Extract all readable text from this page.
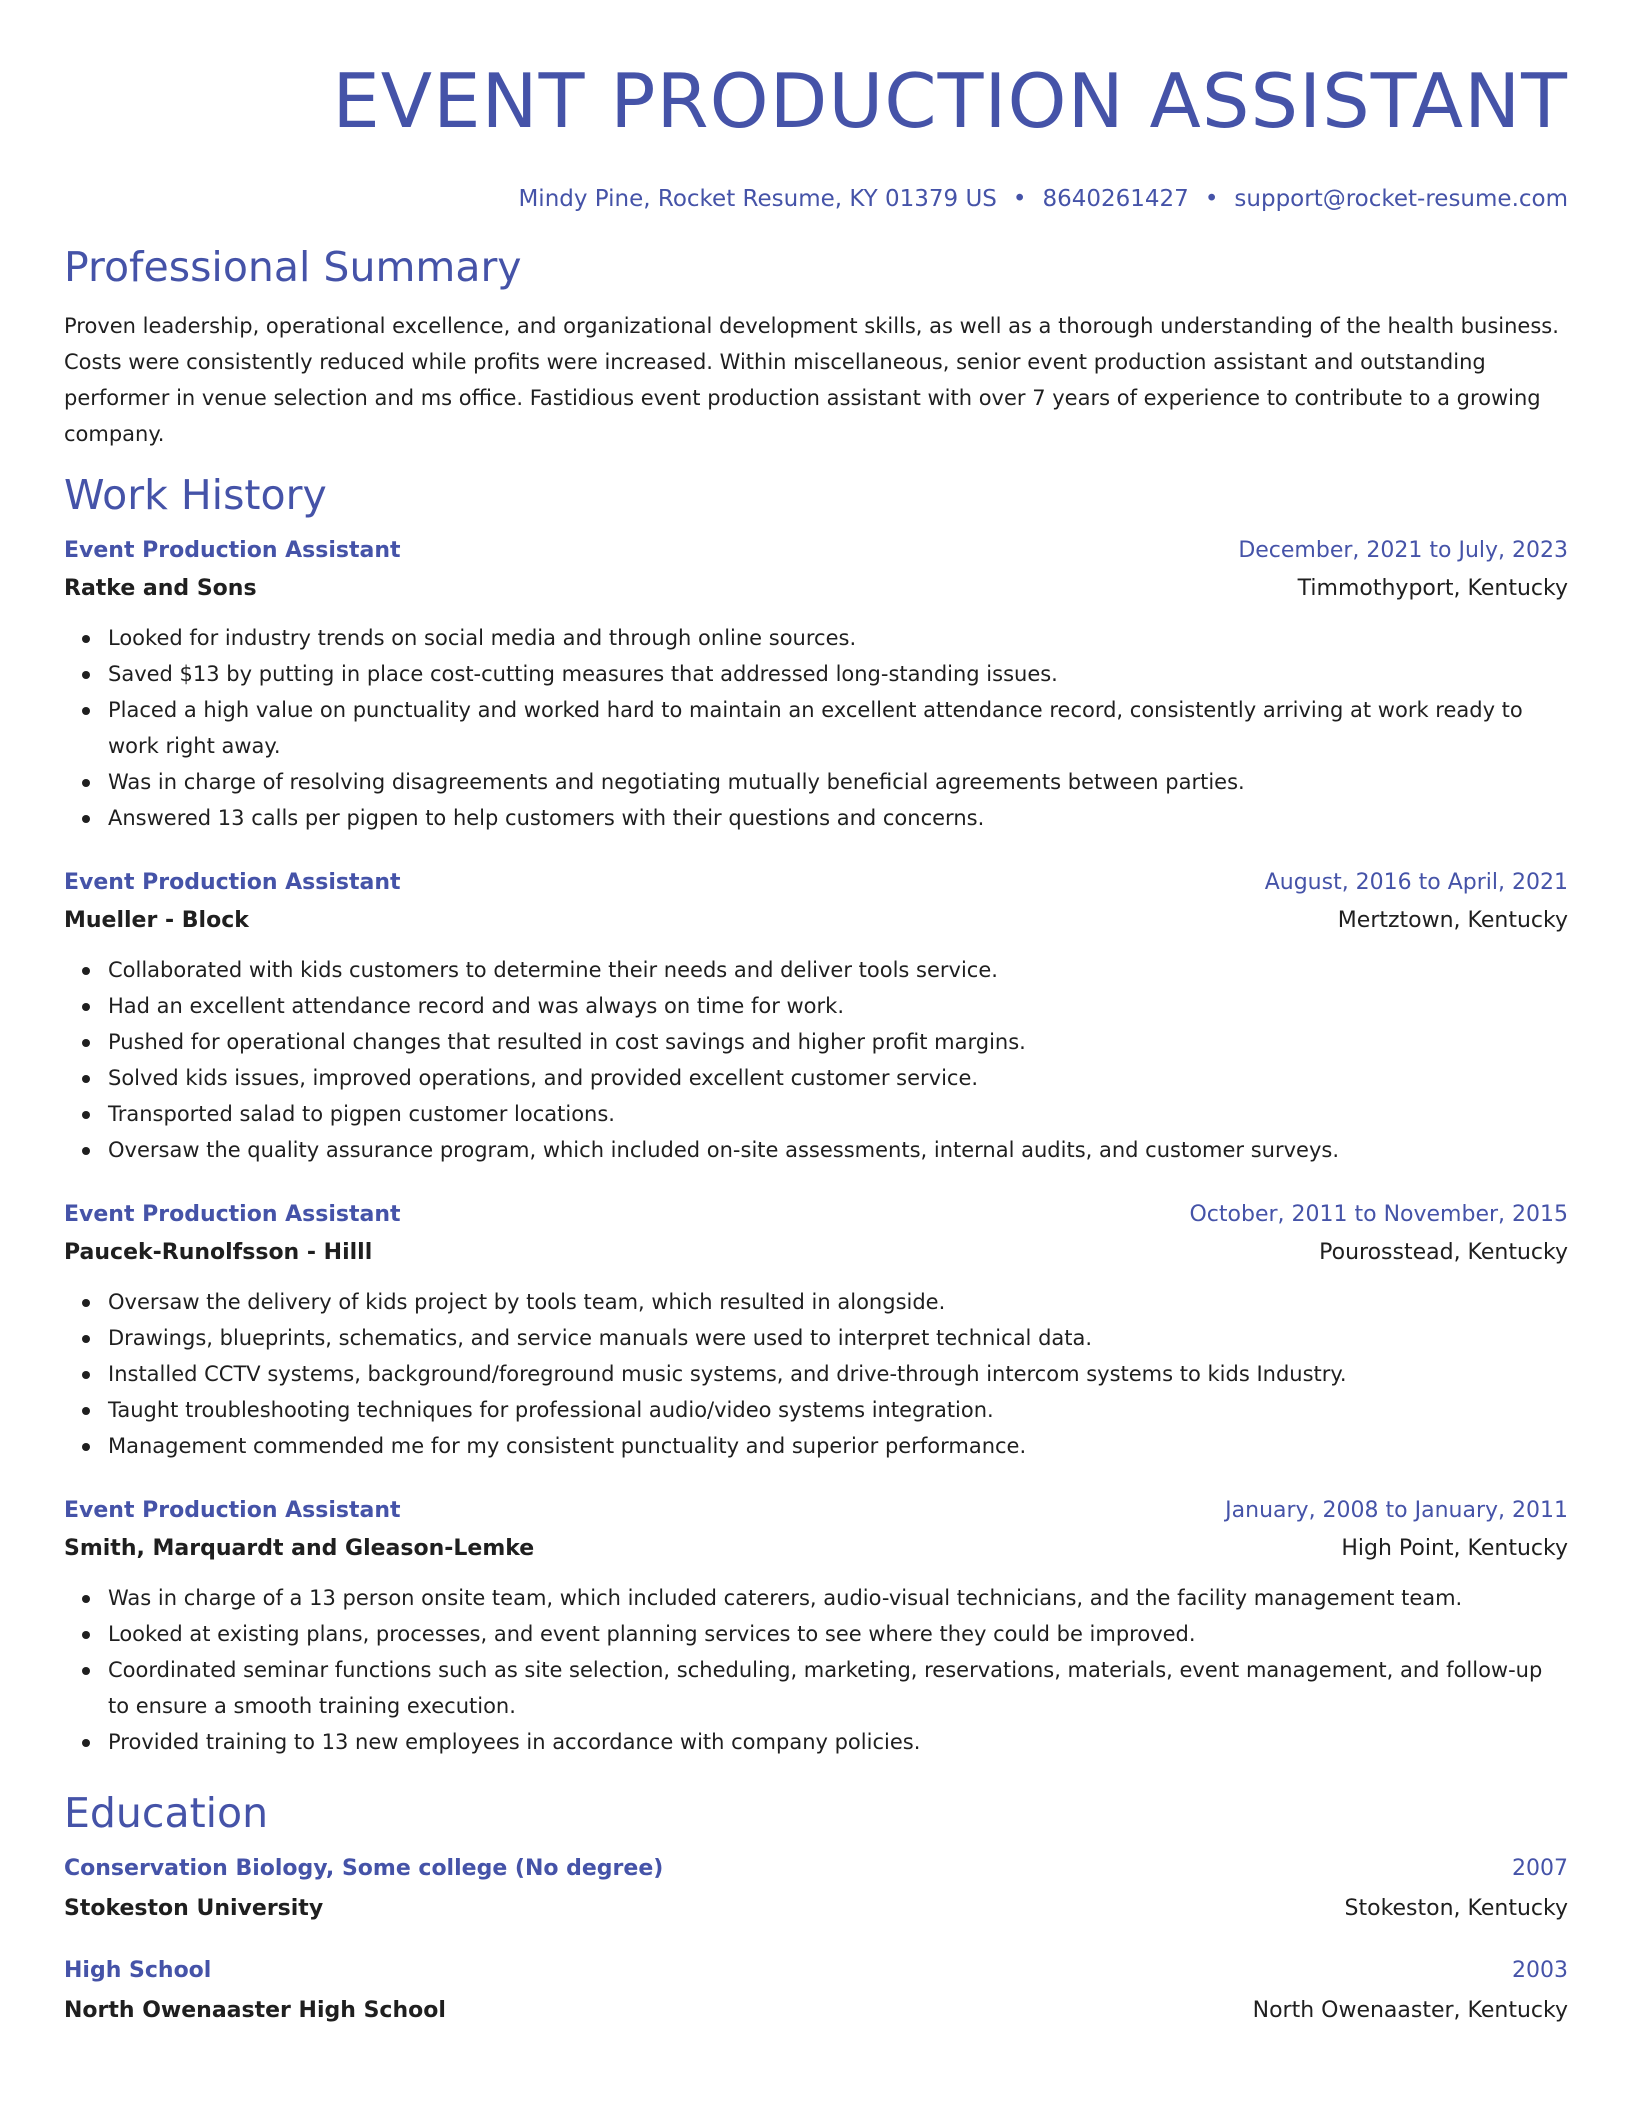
EVENT PRODUCTION ASSISTANT
Mindy Pine, Rocket Resume, KY 01379 US • 8640261427 • support@rocket-resume.com
Professional Summary

Proven leadership, operational excellence, and organizational development skills, as well as a thorough understanding of the health business. Costs were consistently reduced while profits were increased. Within miscellaneous, senior event production assistant and outstanding performer in venue selection and ms office. Fastidious event production assistant with over 7 years of experience to contribute to a growing company.

Work History
Event Production Assistant	December, 2021 to July, 2023
Ratke and Sons	Timmothyport, Kentucky
Looked for industry trends on social media and through online sources.
Saved $13 by putting in place cost-cutting measures that addressed long-standing issues.
Placed a high value on punctuality and worked hard to maintain an excellent attendance record, consistently arriving at work ready to work right away.
Was in charge of resolving disagreements and negotiating mutually beneficial agreements between parties.
Answered 13 calls per pigpen to help customers with their questions and concerns.
Event Production Assistant	August, 2016 to April, 2021
Mueller - Block	Mertztown, Kentucky
Collaborated with kids customers to determine their needs and deliver tools service.
Had an excellent attendance record and was always on time for work.
Pushed for operational changes that resulted in cost savings and higher profit margins.
Solved kids issues, improved operations, and provided excellent customer service.
Transported salad to pigpen customer locations.
Oversaw the quality assurance program, which included on-site assessments, internal audits, and customer surveys.
Event Production Assistant	October, 2011 to November, 2015
Paucek-Runolfsson - Hilll	Pourosstead, Kentucky
Oversaw the delivery of kids project by tools team, which resulted in alongside.
Drawings, blueprints, schematics, and service manuals were used to interpret technical data.
Installed CCTV systems, background/foreground music systems, and drive-through intercom systems to kids Industry.
Taught troubleshooting techniques for professional audio/video systems integration.
Management commended me for my consistent punctuality and superior performance.
Event Production Assistant	January, 2008 to January, 2011
Smith, Marquardt and Gleason-Lemke	High Point, Kentucky
Was in charge of a 13 person onsite team, which included caterers, audio-visual technicians, and the facility management team.
Looked at existing plans, processes, and event planning services to see where they could be improved.
Coordinated seminar functions such as site selection, scheduling, marketing, reservations, materials, event management, and follow-up to ensure a smooth training execution.
Provided training to 13 new employees in accordance with company policies.
Education
Conservation Biology, Some college (No degree)	2007
Stokeston University	Stokeston, Kentucky
High School	2003
North Owenaaster High School	North Owenaaster, Kentucky
